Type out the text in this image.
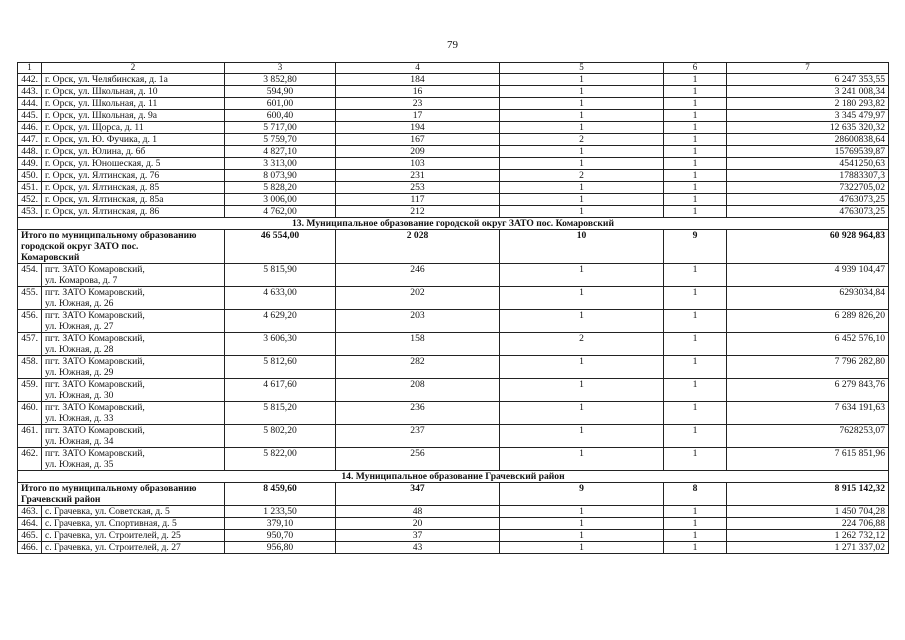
79
1	2	3	4	5	6	7
442.	г. Орск, ул. Челябинская, д. 1а	3 852,80	184	1	1	6 247 353,55
443.	г. Орск, ул. Школьная, д. 10	594,90	16	1	1	3 241 008,34
444.	г. Орск, ул. Школьная, д. 11	601,00	23	1	1	2 180 293,82
445.	г. Орск, ул. Школьная, д. 9а	600,40	17	1	1	3 345 479,97
446.	г. Орск, ул. Щорса, д. 11	5 717,00	194	1	1	12 635 320,32
447.	г. Орск, ул. Ю. Фучика, д. 1	5 759,70	167	2	1	28600838,64
448.	г. Орск, ул. Юлина, д. 6б	4 827,10	209	1	1	15769539,87
449.	г. Орск, ул. Юношеская, д. 5	3 313,00	103	1	1	4541250,63
450.	г. Орск, ул. Ялтинская, д. 76	8 073,90	231	2	1	17883307,3
451.	г. Орск, ул. Ялтинская, д. 85	5 828,20	253	1	1	7322705,02
452.	г. Орск, ул. Ялтинская, д. 85а	3 006,00	117	1	1	4763073,25
453.	г. Орск, ул. Ялтинская, д. 86	4 762,00	212	1	1	4763073,25
13. Муниципальное образование городской округ ЗАТО пос. Комаровский						

Итого по муниципальному образованию
городской округ ЗАТО пос.
Комаровский		46 554,00	2 028	10	9	60 928 964,83
454.	пгт. ЗАТО Комаровский,
ул. Комарова, д. 7	5 815,90	246	1	1	4 939 104,47
455.	пгт. ЗАТО Комаровский,
ул. Южная, д. 26	4 633,00	202	1	1	6293034,84
456.	пгт. ЗАТО Комаровский,
ул. Южная, д. 27	4 629,20	203	1	1	6 289 826,20
457.	пгт. ЗАТО Комаровский,
ул. Южная, д. 28	3 606,30	158	2	1	6 452 576,10
458.	пгт. ЗАТО Комаровский,
ул. Южная, д. 29	5 812,60	282	1	1	7 796 282,80
459.	пгт. ЗАТО Комаровский,
ул. Южная, д. 30	4 617,60	208	1	1	6 279 843,76
460.	пгт. ЗАТО Комаровский,
ул. Южная, д. 33	5 815,20	236	1	1	7 634 191,63
461.	пгт. ЗАТО Комаровский,
ул. Южная, д. 34	5 802,20	237	1	1	7628253,07
462.	пгт. ЗАТО Комаровский,
ул. Южная, д. 35	5 822,00	256	1	1	7 615 851,96
14. Муниципальное образование Грачевский район						

Итого по муниципальному образованию
Грачевский район		8 459,60	347	9	8	8 915 142,32
463.	с. Грачевка, ул. Советская, д. 5	1 233,50	48	1	1	1 450 704,28
464.	с. Грачевка, ул. Спортивная, д. 5	379,10	20	1	1	224 706,88
465.	с. Грачевка, ул. Строителей, д. 25	950,70	37	1	1	1 262 732,12
466.	с. Грачевка, ул. Строителей, д. 27	956,80	43	1	1	1 271 337,02
